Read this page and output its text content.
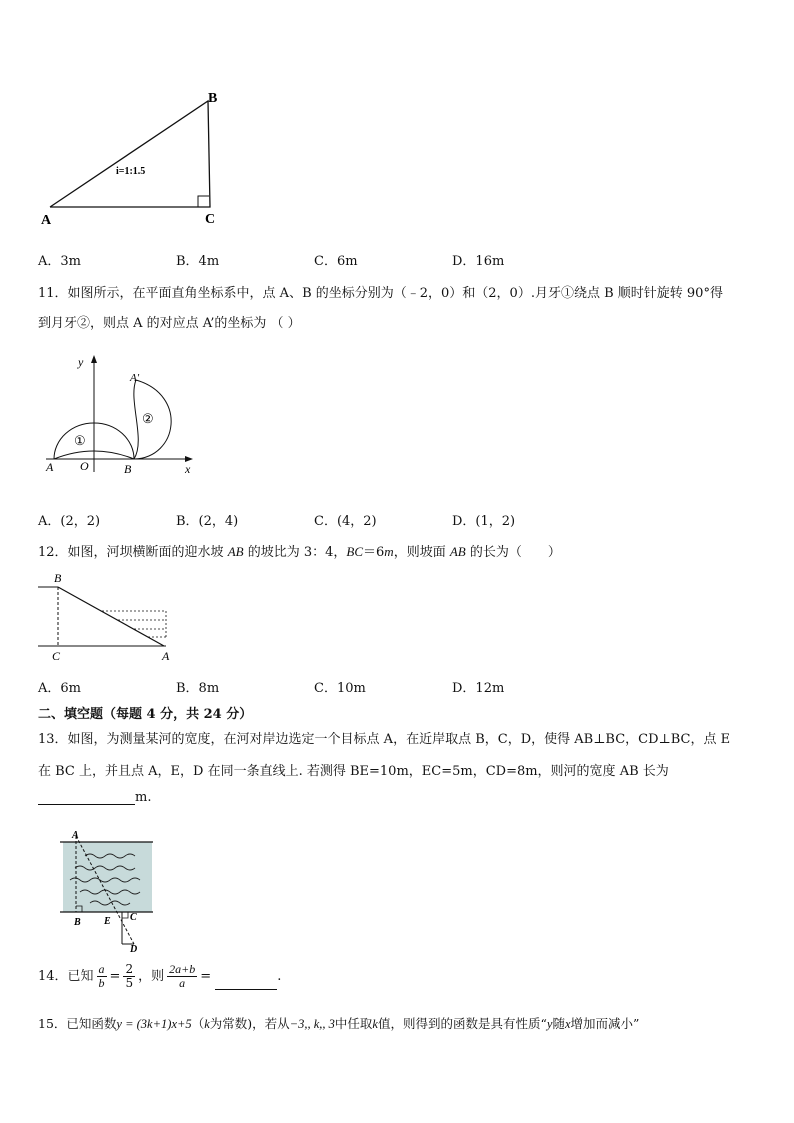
B
A	C
i=1:1.5
A．3m	B．4m	C．6m	D．16m
11．如图所示，在平面直角坐标系中，点 A、B 的坐标分别为（﹣2，0）和（2，0）.月牙①绕点 B 顺时针旋转 90°得
到月牙②，则点 A 的对应点 A’的坐标为 （ ）
y
x
A O	B
A′
①
②
A．(2，2)	B．(2，4)	C．(4，2)	D．(1，2)
12．如图，河坝横断面的迎水坡 AB 的坡比为 3：4，BC＝6m，则坡面 AB 的长为（　　）
B
C	A
A．6m	B．8m	C．10m	D．12m
二、填空题（每题 4 分，共 24 分）
13．如图，为测量某河的宽度，在河对岸边选定一个目标点 A，在近岸取点 B，C，D，使得 AB⊥BC，CD⊥BC，点 E
在 BC 上，并且点 A，E，D 在同一条直线上. 若测得 BE=10m，EC=5m，CD=8m，则河的宽度 AB 长为
m.
A
B E C
D
14．已知 $\frac{a}{b} = \frac{2}{5}$ ，则 $\frac{2a+b}{a}$ =	.
15．已知函数y = (3k+1)x+5（k为常数)，若从−3,, k,, 3中任取k值，则得到的函数是具有性质“y随x增加而减小”
